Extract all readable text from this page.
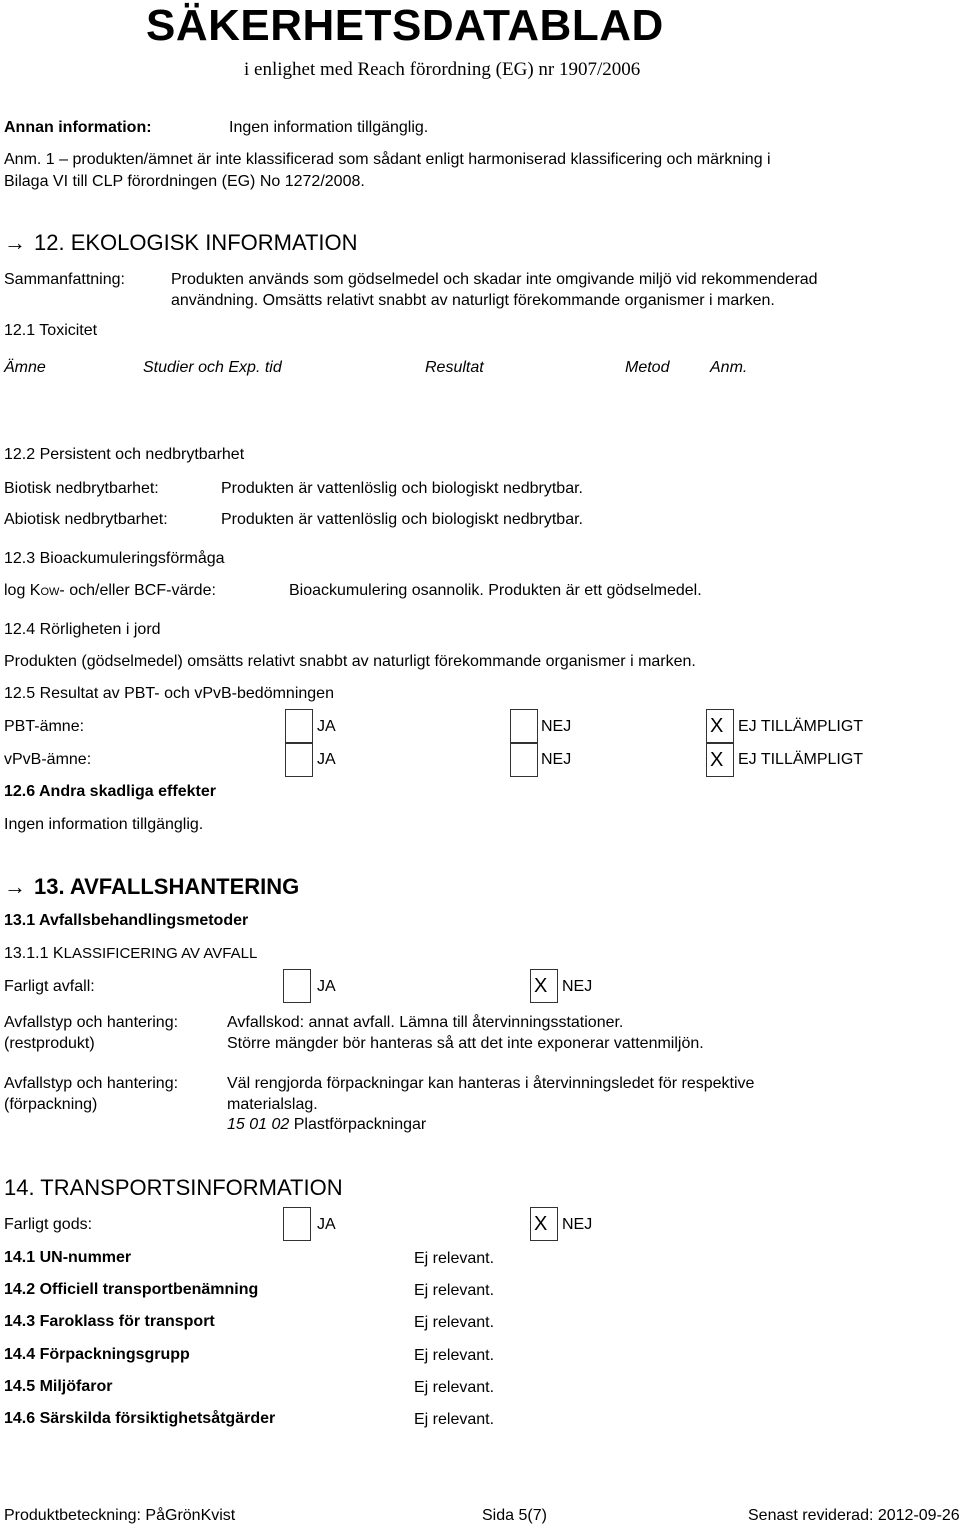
SÄKERHETSDATABLAD
i enlighet med Reach förordning (EG) nr 1907/2006
Annan information:	Ingen information tillgänglig.
Anm. 1 – produkten/ämnet är inte klassificerad som sådant enligt harmoniserad klassificering och märkning i
Bilaga VI till CLP förordningen (EG) No 1272/2008.
→ 12. EKOLOGISK INFORMATION
Sammanfattning:	Produkten används som gödselmedel och skadar inte omgivande miljö vid rekommenderad
användning. Omsätts relativt snabbt av naturligt förekommande organismer i marken.
12.1 Toxicitet
Ämne	Studier och Exp. tid	Resultat	Metod	Anm.
12.2 Persistent och nedbrytbarhet
Biotisk nedbrytbarhet:	Produkten är vattenlöslig och biologiskt nedbrytbar.
Abiotisk nedbrytbarhet:	Produkten är vattenlöslig och biologiskt nedbrytbar.
12.3 Bioackumuleringsförmåga
log KOW- och/eller BCF-värde:	Bioackumulering osannolik. Produkten är ett gödselmedel.
12.4 Rörligheten i jord
Produkten (gödselmedel) omsätts relativt snabbt av naturligt förekommande organismer i marken.
12.5 Resultat av PBT- och vPvB-bedömningen
PBT-ämne:	JA	NEJ	X EJ TILLÄMPLIGT
vPvB-ämne:	JA	NEJ	X EJ TILLÄMPLIGT
12.6 Andra skadliga effekter
Ingen information tillgänglig.
→ 13. AVFALLSHANTERING
13.1 Avfallsbehandlingsmetoder
13.1.1 KLASSIFICERING AV AVFALL
Farligt avfall:	JA	X NEJ
Avfallstyp och hantering:
(restprodukt)
Avfallskod: annat avfall. Lämna till återvinningsstationer.
Större mängder bör hanteras så att det inte exponerar vattenmiljön.
Avfallstyp och hantering:
(förpackning)
Väl rengjorda förpackningar kan hanteras i återvinningsledet för respektive
materialslag.
15 01 02 Plastförpackningar
14. TRANSPORTSINFORMATION
Farligt gods:	JA	X NEJ
14.1 UN-nummer	Ej relevant.
14.2 Officiell transportbenämning	Ej relevant.
14.3 Faroklass för transport	Ej relevant.
14.4 Förpackningsgrupp	Ej relevant.
14.5 Miljöfaror	Ej relevant.
14.6 Särskilda försiktighetsåtgärder	Ej relevant.
Produktbeteckning: PåGrönKvist	Sida 5(7)	Senast reviderad: 2012-09-26
